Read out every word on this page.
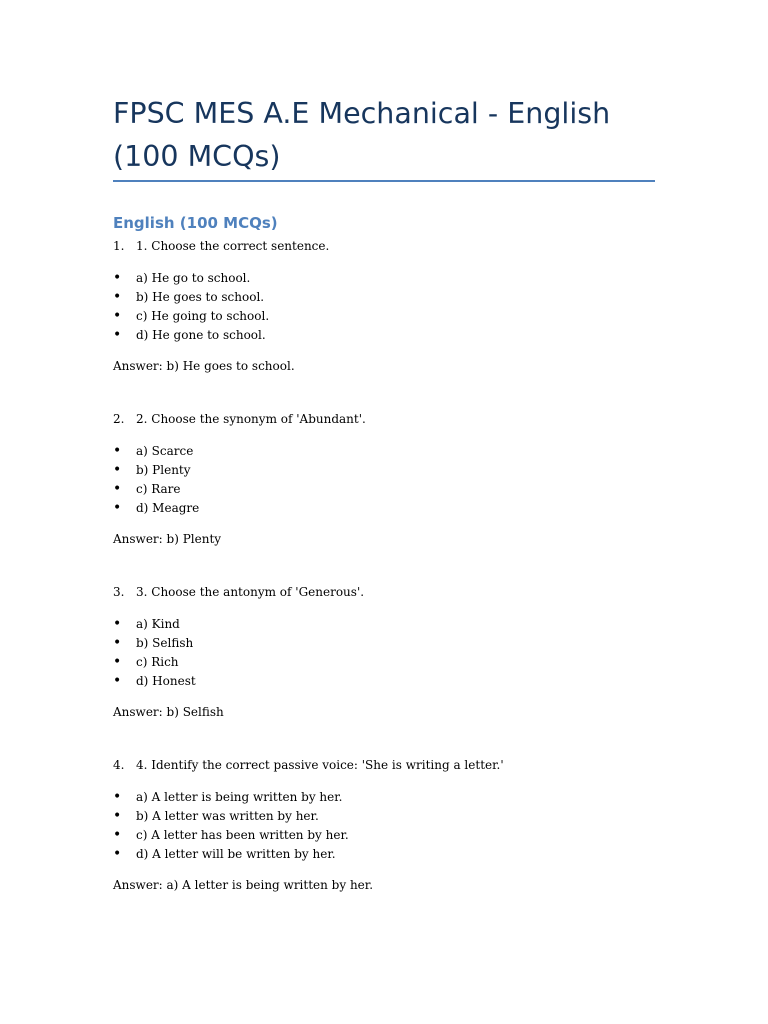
FPSC MES A.E Mechanical - English (100 MCQs)
English (100 MCQs)
1. 1. Choose the correct sentence.
• a) He go to school.
• b) He goes to school.
• c) He going to school.
• d) He gone to school.
Answer: b) He goes to school.
2. 2. Choose the synonym of 'Abundant'.
• a) Scarce
• b) Plenty
• c) Rare
• d) Meagre
Answer: b) Plenty
3. 3. Choose the antonym of 'Generous'.
• a) Kind
• b) Selfish
• c) Rich
• d) Honest
Answer: b) Selfish
4. 4. Identify the correct passive voice: 'She is writing a letter.'
• a) A letter is being written by her.
• b) A letter was written by her.
• c) A letter has been written by her.
• d) A letter will be written by her.
Answer: a) A letter is being written by her.
